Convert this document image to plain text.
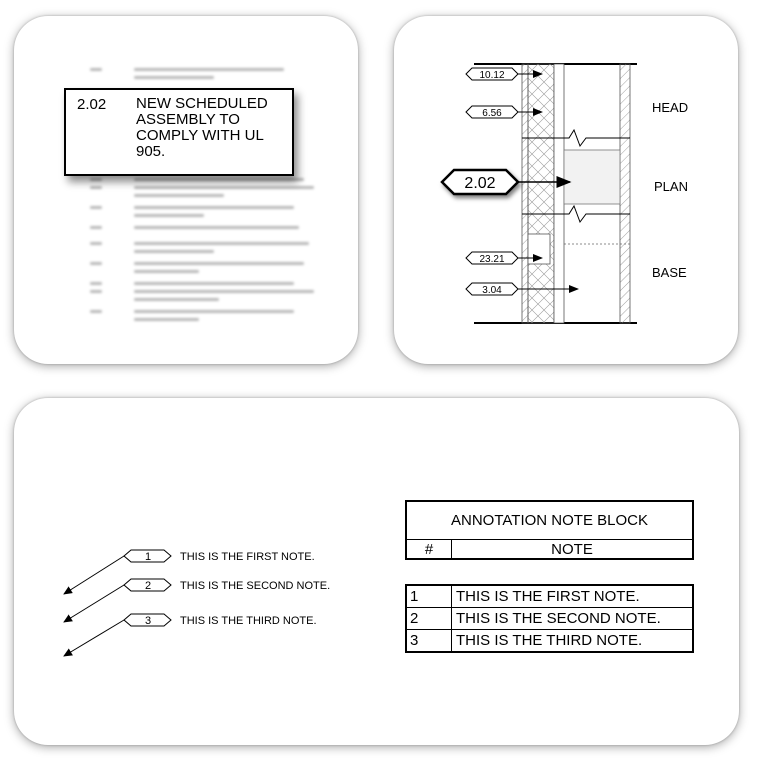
2.02 NEW SCHEDULED ASSEMBLY TO COMPLY WITH UL 905.
10.12
6.56
23.21
3.04
2.02
HEAD
PLAN
BASE
1	THIS IS THE FIRST NOTE.
2	THIS IS THE SECOND NOTE.
3	THIS IS THE THIRD NOTE.
ANNOTATION NOTE BLOCK
#	NOTE
1	THIS IS THE FIRST NOTE.
2	THIS IS THE SECOND NOTE.
3	THIS IS THE THIRD NOTE.
